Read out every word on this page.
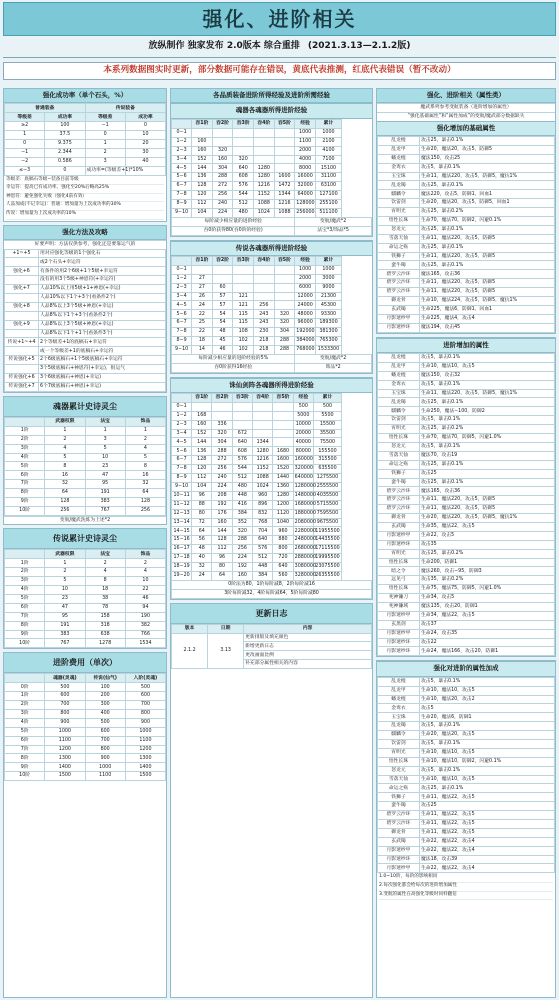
强化、进阶相关
放纵制作 独家发布 2.0版本 综合重排 (2021.3.13—2.1.2版)
本系列数据图实时更新，部分数据可能存在错误，黄底代表推测，红底代表错误（暂不改动）
强化成功率（单个石头，%）
普通装备		传说装备	
等级差	成功率	等级差	成功率
≥2	100	−1	0
1	37.5	0	10
0	9.375	1	20
−1	2.344	2	30
−2	0.586	3	40
≤−3	0	成功率=(等级差+1)*10%	
等级差：底稿石等级−装备目前等级
幸运符：提高已有成功率，强化至20%后略高25%
神恩符：避免强化失败（强化4前有效）
人品加成(不记幸运)：普通：增加量为上次成功率的30%
传说：增加量为上次成功率的10%
强化方法及攻略
好要声明：方法仅供参考，强化还是要靠运气的
+1~+5	用对应强化等级的1个强化石
	或2个石头+幸运符
强化+6	有条件的用2个6级+1个5级+幸运符
	没有的用3个5级+神恩符(+幸运符)
强化+7	人品10%以上用5级+1+神恩(+幸运)
	人品10%以下1个+3个(看条件2个)
强化+8	人品8%以上3个5级+神恩(+幸运)
	人品8%以下1个+3个(看条件2个)
强化+9	人品8%以上3个5级+神恩(+幸运)
	人品8%以下1个+1个(看条件3个)
传说+1~+4	2个等级差+1的底稿石+幸运符
	或一个等级差+1的底稿石+幸运符
传说强化+5	2个6级底稿石+1个5级底稿石+幸运符
	3个5级底稿石+神恩符(+幸运)，很运气
传说强化+6	3个6级底稿石+神恩(+幸运)
传说强化+7	6个7级底稿石+神恩(+幸运)
魂器累计史诗灵尘
	武器权限	法宝	饰品
1阶	1	1	1
2阶	2	3	2
3阶	4	5	4
4阶	5	10	5
5阶	8	23	8
6阶	16	47	16
7阶	32	95	32
8阶	64	191	64
9阶	128	383	128
10阶	256	767	256
变航/魔武洗炼为上述*2
传说累计史诗灵尘
	武器权限	法宝	饰品
1阶	1	2	2
2阶	2	4	4
3阶	5	8	10
4阶	10	18	22
5阶	23	38	46
6阶	47	78	94
7阶	95	158	190
8阶	191	318	382
9阶	383	638	766
10阶	767	1278	1534
进阶费用（单次）
	魂器(灵魂)	传说(仙气)	入阶(灵魂)
0阶	500	100	500
1阶	600	200	600
2阶	700	300	700
3阶	800	400	800
4阶	900	500	900
5阶	1000	600	1000
6阶	1100	700	1100
7阶	1200	800	1200
8阶	1300	900	1300
9阶	1400	1000	1400
10阶	1500	1100	1500
各品质装备进阶所得经验及进阶所需经验
魂器各魂器所得进阶经验
	吞1阶	吞2阶	吞3阶	吞4阶	吞5阶	经验	累计
0−1						1000	1000
1−2	160					1100	2100
2−3	160	320				2000	4100
3−4	152	160	320			4000	7100
4−5	144	304	640	1280		8000	15100
5−6	136	288	608	1280	1600	16000	31100
6−7	128	272	576	1216	1472	32000	63100
7−8	120	256	544	1152	1344	64000	127100
8−9	112	240	512	1088	1216	128000	255100
9−10	104	224	480	1024	1088	256000	511100
每阶减少相应量的进阶经验						变航/魔武*2	
吞0阶获得80(吞0阶的经验)						法宝*3/饰品*5	
传说各魂器所得进阶经验
	吞1阶	吞2阶	吞3阶	吞4阶	吞5阶	经验	累计
0−1						1000	1000
1−2	27					2000	3000
2−3	27	60				6000	9000
3−4	26	57	121			12000	21300
4−5	24	57	121	256		24000	45300
5−6	22	54	115	243	320	48000	93300
6−7	25	54	115	243	320	96000	189300
7−8	22	48	108	230	304	192000	381300
8−9	18	45	102	218	288	384000	765300
9−10	14	46	102	218	288	768000	1533300
每阶减少相应量的进阶经验的5%						变航/魔武*2	
吞0阶获得16经验						饰品*2	
诛仙剑阵各魂器所得进阶经验
	吞1阶	吞2阶	吞3阶	吞4阶	吞5阶	经验	累计
0−1						500	500
1−2	168					5000	5500
2−3	160	336				10000	15500
3−4	152	320	672			20000	35500
4−5	144	304	640	1344		40000	75500
5−6	136	288	608	1280	1680	80000	155500
6−7	128	272	576	1216	1600	160000	315500
7−8	120	256	544	1152	1520	320000	635500
8−9	112	240	512	1088	1440	640000	1275500
9−10	104	224	480	1024	1360	1280000	2555500
10−11	96	208	448	960	1280	1480000	4035500
11−12	88	192	416	896	1200	1680000	5715500
12−13	80	176	384	832	1120	1880000	7595500
13−14	72	160	352	768	1040	2080000	9675500
14−15	64	144	320	704	960	2280000	11955500
15−16	56	128	288	640	880	2480000	14435500
16−17	48	112	256	576	800	2680000	17115500
17−18	40	96	224	512	720	2880000	19995500
18−19	32	80	192	448	640	3080000	23075500
19−20	24	64	160	384	560	3280000	26355500
0阶法为80，1阶每阶减8，2阶每阶减16							
3阶每阶减32，4阶每阶减64，5阶每阶减80							
更新日志
版本	日期	内容
2.1.2	3.13	更新排版及填充颜色
		新增更新日志
		更改画面比例
		补充部分属性相关的内容
强化、进阶相关（属性类）
魔武系列参考变航装备（进阶增加的属性）
“强化基础属性”和“属性加成”的变航/魔武部分数据缺失
强化增加的基础属性
乱龙棍	攻击25，暴击0.1%
乱龙甲	生命20，魔法20，攻击5，防御5
蟠龙棍	魔法150，攻击25
金鸾衣	攻击5，暴击0.1%
玉宝珠	生命11，魔法220，攻击5，防御5，魔抗1%
乱龙镯	攻击25，暴击0.1%
麒麟令	魔法220，攻击5，防御1，回血1
饮雷剑	生命20，魔法20，攻击5，防御5，回血1
宵明光	攻击25，暴击0.2%
悟性长珠	生命70，魔法70，防御2，闪避0.1%
怒龙元	攻击25，暴击0.1%
雪落天仙	生命11，魔法220，攻击5，防御5
命运之殇	攻击25，暴击0.1%
铁狮子	生命11，魔法220，攻击5，防御5
蛮牛镯	攻击25，暴击0.1%
碧罗云沙环	魔法165，攻击36
碧罗云沙环	生命11，魔法220，攻击5，防御5
碧罗云沙环	生命11，魔法220，攻击5，防御5
御龙骨	生命10，魔法224，攻击5，防御5，魔抗1%
玄武镯	生命225，魔法6，防御1，回血1
月影迷纱甲	生命225，魔法4，攻击4
月影迷纱环	魔法194，攻击45
进阶增加的属性
乱龙棍	攻击5，暴击0.1%
乱龙甲	生命10，魔法10，攻击5
蟠龙棍	魔法150，攻击32
金鸾衣	攻击5，暴击0.1%
玉宝珠	生命11，魔法220，攻击5，防御5，魔抗1%
乱龙镯	攻击25，暴击0.1%
麒麟令	生命250，魔法−100，防御2
饮雷剑	攻击5，暴击0.1%
宵明光	攻击25，暴击0.2%
悟性长珠	生命70，魔法70，防御5，闪避1.0%
怒龙元	攻击5，暴击0.1%
雪落天仙	魔法70，攻击19
命运之殇	攻击25，暴击0.1%
铁狮子	攻击25
蛮牛镯	攻击25，暴击0.1%
碧罗云沙环	魔法165，攻击36
碧罗云沙环	生命11，魔法220，攻击5，防御5
碧罗云沙环	生命11，魔法220，攻击5，防御5
御龙骨	生命20，魔法220，攻击5，防御5，魔抗1%
玄武镯	生命35，魔法22，攻击5
月影迷纱甲	生命22，攻击5
月影迷纱环	攻击35
宵明光	攻击25，暴击0.2%
悟性长珠	生命200，防御1
暗之令	魔法260，攻击−95，防御3
远见弓	攻击35，暴击0.2%
悟性长珠	生命75，魔法75，防御5，闪避1.0%
死神镰刀	生命34，攻击5
死神镰域	魔法135，攻击20，防御1
月影迷纱甲	生命34，魔法22，攻击5
玄黑剑	攻击37
月影迷纱甲	生命24，攻击35
月影迷纱环	攻击22
月影迷纱环	生命24，魔法166，攻击20，防御1
强化对进阶的属性加成
乱龙棍	攻击5，暴击0.1%
乱龙甲	生命10，魔法10，攻击5
蟠龙棍	生命10，魔法20，攻击2
金鸾衣	攻击5
玉宝珠	生命20，魔法6，防御1
乱龙镯	攻击5，暴击0.1%
麒麟令	生命20，魔法20，攻击5
饮雷剑	攻击5，暴击0.1%
宵明光	生命10，魔法10，攻击5
悟性长珠	生命10，魔法10，防御2，闪避0.1%
怒龙元	攻击5，暴击0.1%
雪落天仙	生命10，魔法10，攻击5
命运之殇	攻击25，暴击0.1%
铁狮子	生命11，魔法22，攻击5
蛮牛镯	攻击25
碧罗云沙环	生命11，魔法22，攻击5
碧罗云沙环	生命11，魔法22，攻击5
御龙骨	生命11，魔法22，攻击5
玄武镯	生命22，魔法22，攻击4
月影迷纱甲	生命22，魔法22，攻击4
月影迷纱环	魔法18，攻击39
月影迷纱甲	生命22，魔法22，攻击4
1.0~10阶，每阶的影响相同
2.每次强化都会给每次的进阶增加属性
3.变航的属性在高强化等级时同样翻倍
